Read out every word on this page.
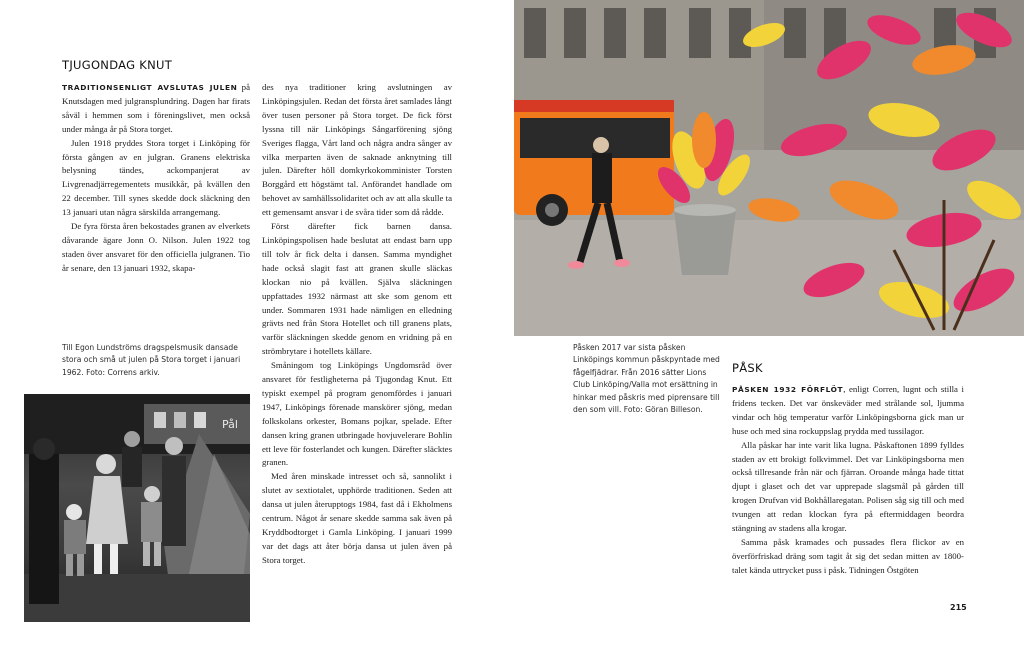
TJUGONDAG KNUT

TRADITIONSENLIGT AVSLUTAS JULEN på Knutsdagen med julgransplundring. Dagen har firats såväl i hemmen som i föreningslivet, men också under många år på Stora torget.

Julen 1918 pryddes Stora torget i Linköping för första gången av en julgran. Granens elektriska belysning tändes, ackompanjerat av Livgrenadjärregementets musikkår, på kvällen den 22 december. Till synes skedde dock släckning den 13 januari utan några särskilda arrangemang.

De fyra första åren bekostades granen av elverkets dåvarande ägare Jonn O. Nilson. Julen 1922 tog staden över ansvaret för den officiella julgranen. Tio år senare, den 13 januari 1932, skapa-

Till Egon Lundströms dragspelsmusik dansade stora och små ut julen på Stora torget i januari 1962. Foto: Correns arkiv.

Pål

des nya traditioner kring avslutningen av Linköpingsjulen. Redan det första året samlades långt över tusen personer på Stora torget. De fick först lyssna till när Linköpings Sångarförening sjöng Sveriges flagga, Vårt land och några andra sånger av vilka merparten även de saknade anknytning till julen. Därefter höll domkyrkokomminister Torsten Borggård ett högstämt tal. Anförandet handlade om behovet av samhällssolidaritet och av att alla skulle ta ett gemensamt ansvar i de svåra tider som då rådde.

Först därefter fick barnen dansa. Linköpingspolisen hade beslutat att endast barn upp till tolv år fick delta i dansen. Samma myndighet hade också slagit fast att granen skulle släckas klockan nio på kvällen. Själva släckningen uppfattades 1932 närmast att ske som genom ett under. Sommaren 1931 hade nämligen en elledning grävts ned från Stora Hotellet och till granens plats, varför släckningen skedde genom en vridning på en strömbrytare i hotellets källare.

Småningom tog Linköpings Ungdomsråd över ansvaret för festligheterna på Tjugondag Knut. Ett typiskt exempel på program genomfördes i januari 1947, Linköpings förenade manskörer sjöng, medan folkskolans orkester, Bomans pojkar, spelade. Efter dansen kring granen utbringade hovjuvelerare Bohlin ett leve för fosterlandet och kungen. Därefter släcktes granen.

Med åren minskade intresset och så, sannolikt i slutet av sextiotalet, upphörde traditionen. Seden att dansa ut julen återupptogs 1984, fast då i Ekholmens centrum. Något år senare skedde samma sak även på Kryddbodtorget i Gamla Linköping. I januari 1999 var det dags att åter börja dansa ut julen även på Stora torget.

Påsken 2017 var sista påsken Linköpings kommun påskpyntade med fågelfjädrar. Från 2016 sätter Lions Club Linköping/Valla mot ersättning in hinkar med påskris med piprensare till den som vill. Foto: Göran Billeson.

PÅSK

PÅSKEN 1932 FÖRFLÖT, enligt Corren, lugnt och stilla i fridens tecken. Det var önskeväder med strålande sol, ljumma vindar och hög temperatur varför Linköpingsborna gick man ur huse och med sina rockuppslag prydda med tussilagor.

Alla påskar har inte varit lika lugna. Påskaftonen 1899 fylldes staden av ett brokigt folkvimmel. Det var Linköpingsborna men också tillresande från när och fjärran. Oroande många hade tittat djupt i glaset och det var upprepade slagsmål på gården till krogen Drufvan vid Bokhållaregatan. Polisen såg sig till och med tvungen att redan klockan fyra på eftermiddagen beordra stängning av stadens alla krogar.

Samma påsk kramades och pussades flera flickor av en överförfriskad dräng som tagit åt sig det sedan mitten av 1800-talet kända uttrycket puss i påsk. Tidningen Östgöten

215
